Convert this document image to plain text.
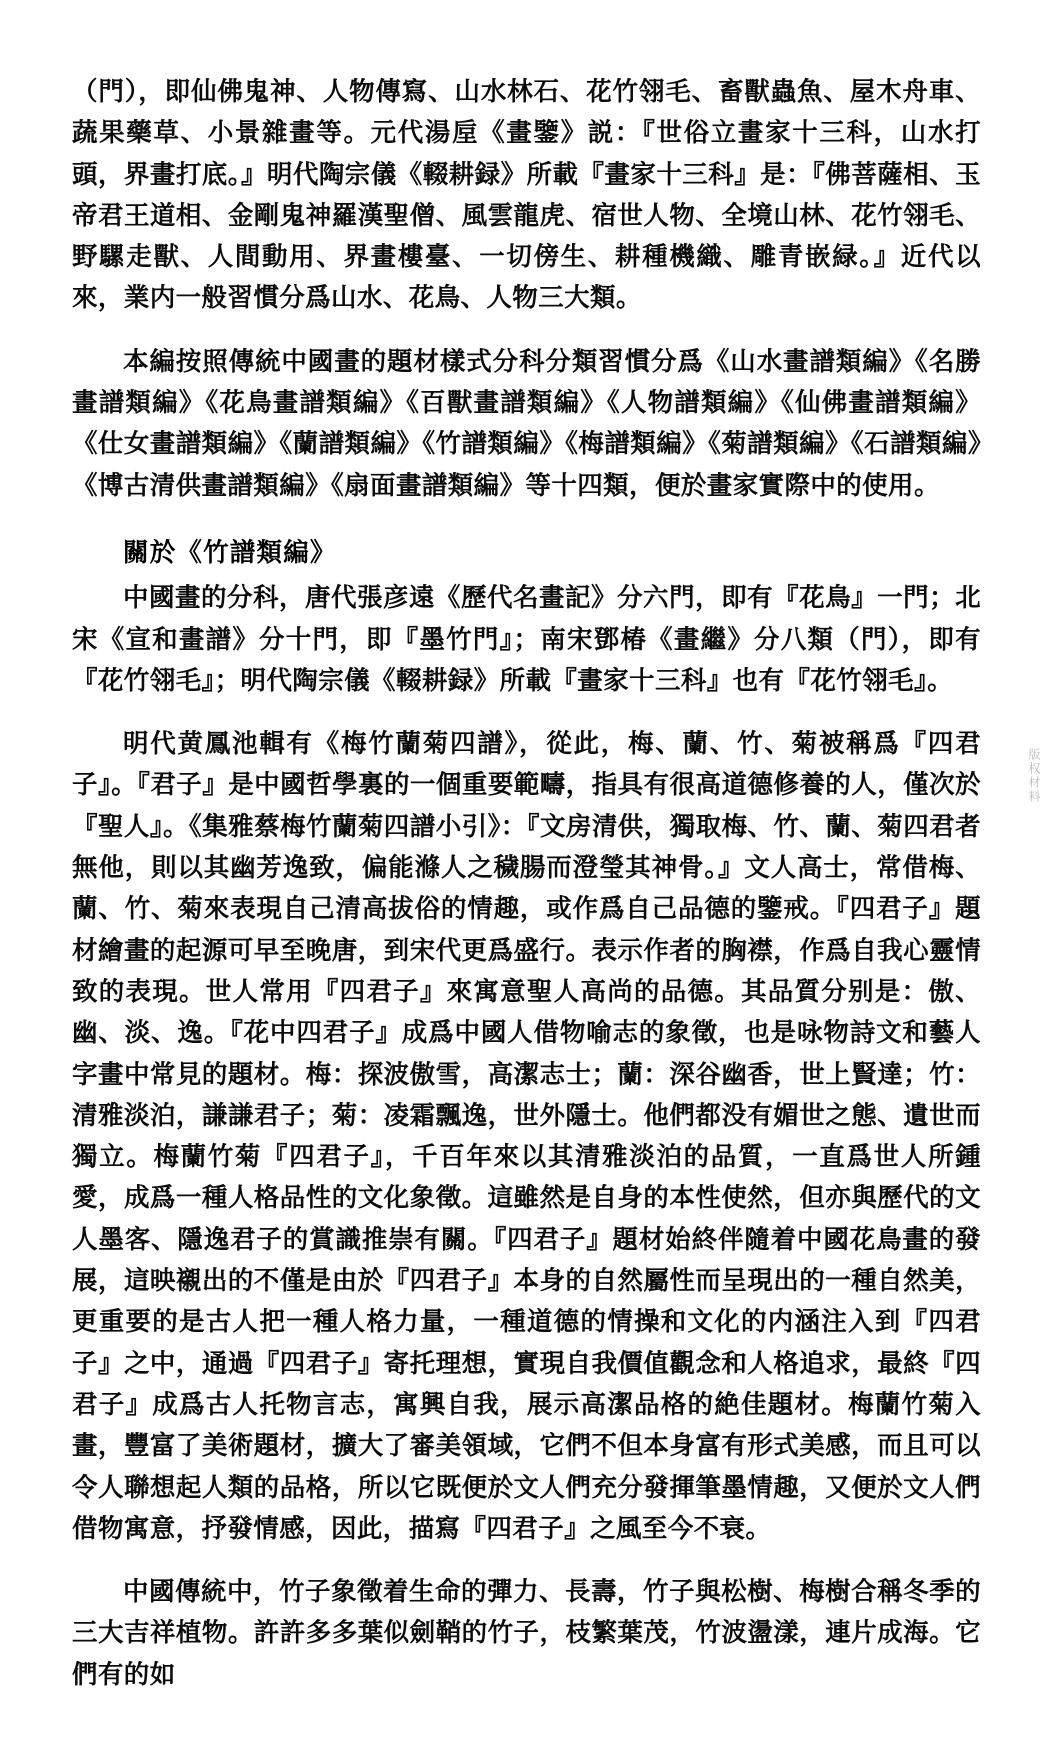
（門），即仙佛鬼神、人物傳寫、山水林石、花竹翎毛、畜獸蟲魚、屋木舟車、蔬果藥草、小景雜畫等。元代湯垕《畫鑒》説：『世俗立畫家十三科，山水打頭，界畫打底。』明代陶宗儀《輟耕録》所載『畫家十三科』是：『佛菩薩相、玉帝君王道相、金剛鬼神羅漢聖僧、風雲龍虎、宿世人物、全境山林、花竹翎毛、野騾走獸、人間動用、界畫樓臺、一切傍生、耕種機織、雕青嵌緑。』近代以來，業内一般習慣分爲山水、花鳥、人物三大類。

本編按照傳統中國畫的題材樣式分科分類習慣分爲《山水畫譜類編》《名勝畫譜類編》《花鳥畫譜類編》《百獸畫譜類編》《人物譜類編》《仙佛畫譜類編》《仕女畫譜類編》《蘭譜類編》《竹譜類編》《梅譜類編》《菊譜類編》《石譜類編》《博古清供畫譜類編》《扇面畫譜類編》等十四類，便於畫家實際中的使用。

關於《竹譜類編》

中國畫的分科，唐代張彦遠《歷代名畫記》分六門，即有『花鳥』一門；北宋《宣和畫譜》分十門，即『墨竹門』；南宋鄧椿《畫繼》分八類（門），即有『花竹翎毛』；明代陶宗儀《輟耕録》所載『畫家十三科』也有『花竹翎毛』。

明代黄鳳池輯有《梅竹蘭菊四譜》，從此，梅、蘭、竹、菊被稱爲『四君子』。『君子』是中國哲學裏的一個重要範疇，指具有很高道德修養的人，僅次於『聖人』。《集雅蔡梅竹蘭菊四譜小引》：『文房清供，獨取梅、竹、蘭、菊四君者無他，則以其幽芳逸致，偏能滌人之穢腸而澄瑩其神骨。』文人高士，常借梅、蘭、竹、菊來表現自己清高拔俗的情趣，或作爲自己品德的鑒戒。『四君子』題材繪畫的起源可早至晚唐，到宋代更爲盛行。表示作者的胸襟，作爲自我心靈情致的表現。世人常用『四君子』來寓意聖人高尚的品德。其品質分别是：傲、幽、淡、逸。『花中四君子』成爲中國人借物喻志的象徵，也是咏物詩文和藝人字畫中常見的題材。梅：探波傲雪，高潔志士；蘭：深谷幽香，世上賢達；竹：清雅淡泊，謙謙君子；菊：凌霜飄逸，世外隱士。他們都没有媚世之態、遺世而獨立。梅蘭竹菊『四君子』，千百年來以其清雅淡泊的品質，一直爲世人所鍾愛，成爲一種人格品性的文化象徵。這雖然是自身的本性使然，但亦與歷代的文人墨客、隱逸君子的賞識推崇有關。『四君子』題材始終伴隨着中國花鳥畫的發展，這映襯出的不僅是由於『四君子』本身的自然屬性而呈現出的一種自然美，更重要的是古人把一種人格力量，一種道德的情操和文化的内涵注入到『四君子』之中，通過『四君子』寄托理想，實現自我價值觀念和人格追求，最終『四君子』成爲古人托物言志，寓興自我，展示高潔品格的絶佳題材。梅蘭竹菊入畫，豐富了美術題材，擴大了審美領域，它們不但本身富有形式美感，而且可以令人聯想起人類的品格，所以它既便於文人們充分發揮筆墨情趣，又便於文人們借物寓意，抒發情感，因此，描寫『四君子』之風至今不衰。

中國傳統中，竹子象徵着生命的彈力、長壽，竹子與松樹、梅樹合稱冬季的三大吉祥植物。許許多多葉似劍鞘的竹子，枝繁葉茂，竹波盪漾，連片成海。它們有的如

版权材料
